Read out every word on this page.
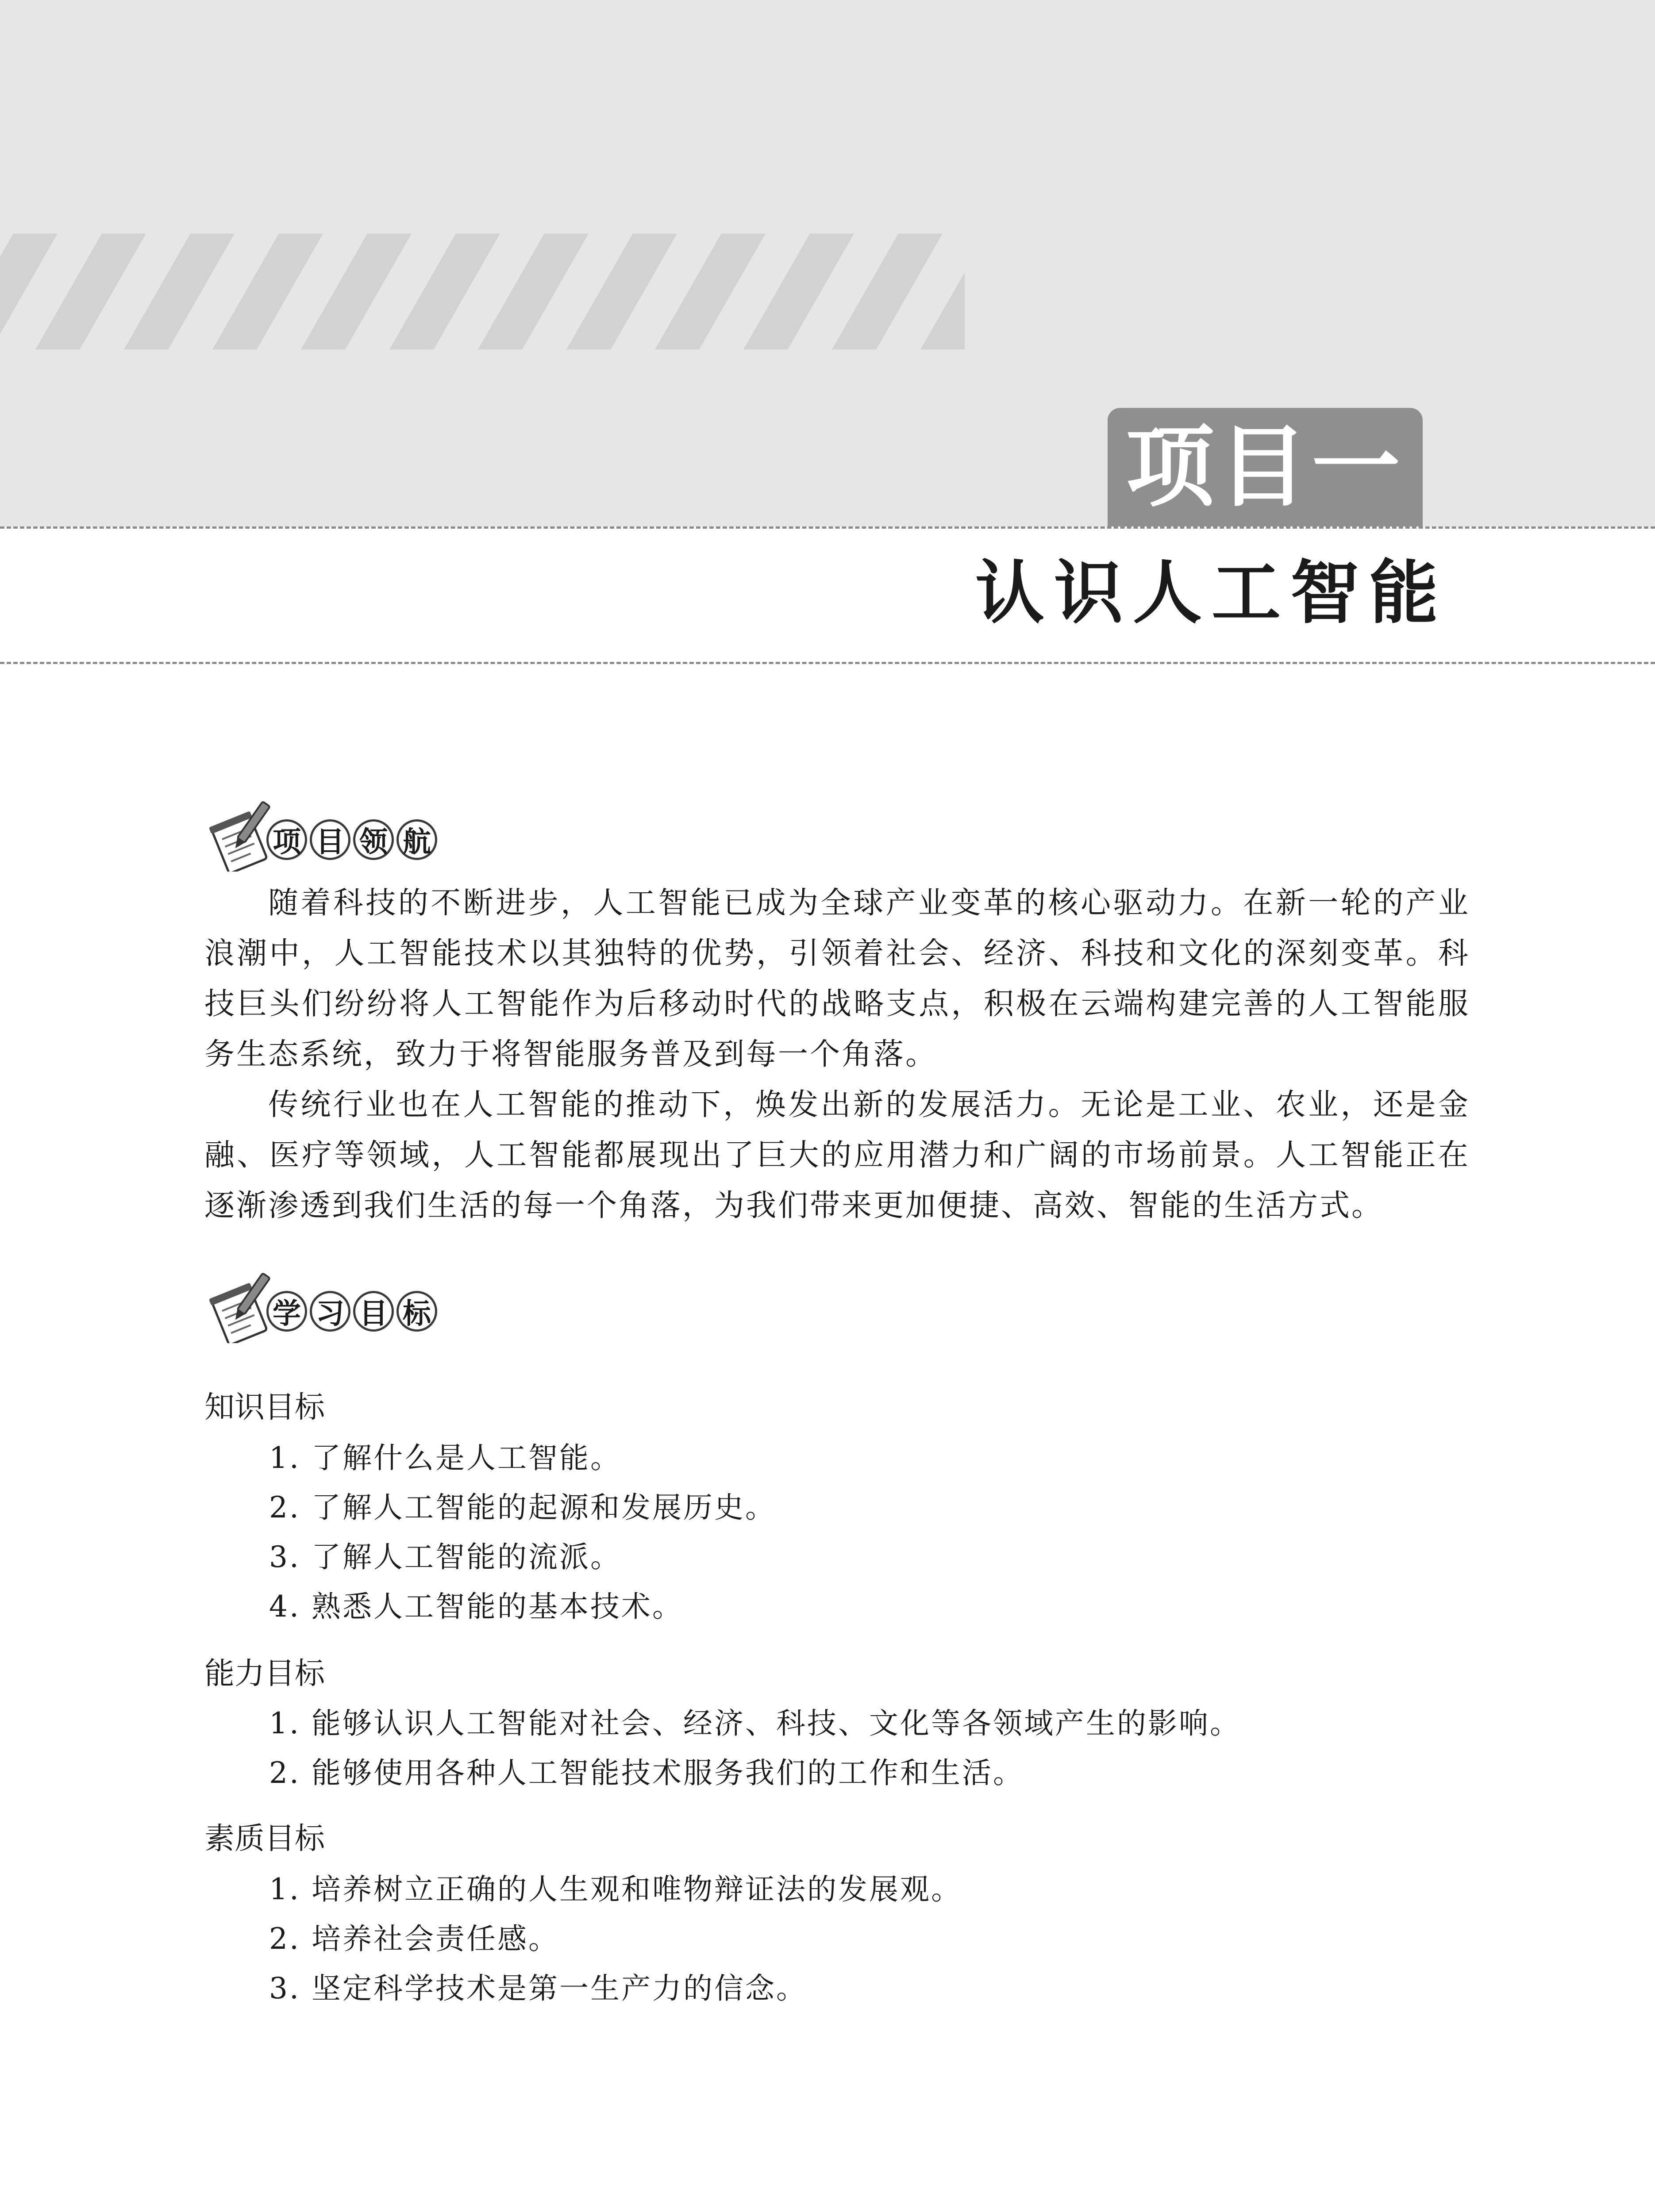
项目一
认识人工智能
项 目 领 航

随着科技的不断进步，人工智能已成为全球产业变革的核心驱动力。在新一轮的产业浪潮中，人工智能技术以其独特的优势，引领着社会、经济、科技和文化的深刻变革。科技巨头们纷纷将人工智能作为后移动时代的战略支点，积极在云端构建完善的人工智能服务生态系统，致力于将智能服务普及到每一个角落。

传统行业也在人工智能的推动下，焕发出新的发展活力。无论是工业、农业，还是金融、医疗等领域，人工智能都展现出了巨大的应用潜力和广阔的市场前景。人工智能正在逐渐渗透到我们生活的每一个角落，为我们带来更加便捷、高效、智能的生活方式。

学 习 目 标
知识目标
1. 了解什么是人工智能。
2. 了解人工智能的起源和发展历史。
3. 了解人工智能的流派。
4. 熟悉人工智能的基本技术。
能力目标
1. 能够认识人工智能对社会、经济、科技、文化等各领域产生的影响。
2. 能够使用各种人工智能技术服务我们的工作和生活。
素质目标
1. 培养树立正确的人生观和唯物辩证法的发展观。
2. 培养社会责任感。
3. 坚定科学技术是第一生产力的信念。
